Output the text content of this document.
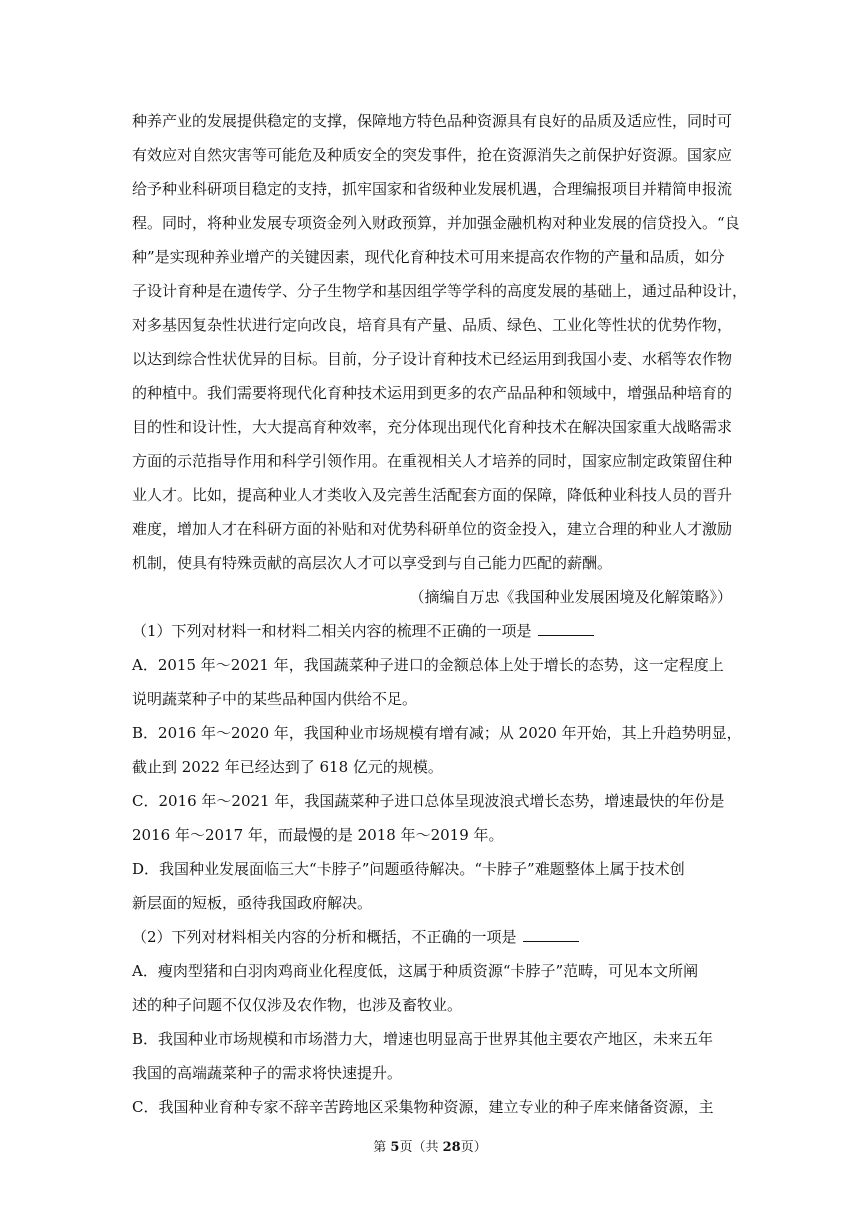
种养产业的发展提供稳定的支撑，保障地方特色品种资源具有良好的品质及适应性，同时可
有效应对自然灾害等可能危及种质安全的突发事件，抢在资源消失之前保护好资源。国家应
给予种业科研项目稳定的支持，抓牢国家和省级种业发展机遇，合理编报项目并精简申报流
程。同时，将种业发展专项资金列入财政预算，并加强金融机构对种业发展的信贷投入。“良
种”是实现种养业增产的关键因素，现代化育种技术可用来提高农作物的产量和品质，如分
子设计育种是在遗传学、分子生物学和基因组学等学科的高度发展的基础上，通过品种设计，
对多基因复杂性状进行定向改良，培育具有产量、品质、绿色、工业化等性状的优势作物，
以达到综合性状优异的目标。目前，分子设计育种技术已经运用到我国小麦、水稻等农作物
的种植中。我们需要将现代化育种技术运用到更多的农产品品种和领域中，增强品种培育的
目的性和设计性，大大提高育种效率，充分体现出现代化育种技术在解决国家重大战略需求
方面的示范指导作用和科学引领作用。在重视相关人才培养的同时，国家应制定政策留住种
业人才。比如，提高种业人才类收入及完善生活配套方面的保障，降低种业科技人员的晋升
难度，增加人才在科研方面的补贴和对优势科研单位的资金投入，建立合理的种业人才激励
机制，使具有特殊贡献的高层次人才可以享受到与自己能力匹配的薪酬。

（摘编自万忠《我国种业发展困境及化解策略》）

（1）下列对材料一和材料二相关内容的梳理不正确的一项是

A．2015 年～2021 年，我国蔬菜种子进口的金额总体上处于增长的态势，这一定程度上
说明蔬菜种子中的某些品种国内供给不足。
B．2016 年～2020 年，我国种业市场规模有增有减；从 2020 年开始，其上升趋势明显，
截止到 2022 年已经达到了 618 亿元的规模。
C．2016 年～2021 年，我国蔬菜种子进口总体呈现波浪式增长态势，增速最快的年份是
2016 年～2017 年，而最慢的是 2018 年～2019 年。
D．我国种业发展面临三大“卡脖子”问题亟待解决。“卡脖子”难题整体上属于技术创
新层面的短板，亟待我国政府解决。

（2）下列对材料相关内容的分析和概括，不正确的一项是

A．瘦肉型猪和白羽肉鸡商业化程度低，这属于种质资源“卡脖子”范畴，可见本文所阐
述的种子问题不仅仅涉及农作物，也涉及畜牧业。
B．我国种业市场规模和市场潜力大，增速也明显高于世界其他主要农产地区，未来五年
我国的高端蔬菜种子的需求将快速提升。
C．我国种业育种专家不辞辛苦跨地区采集物种资源，建立专业的种子库来储备资源，主
第 5页（共 28页）
